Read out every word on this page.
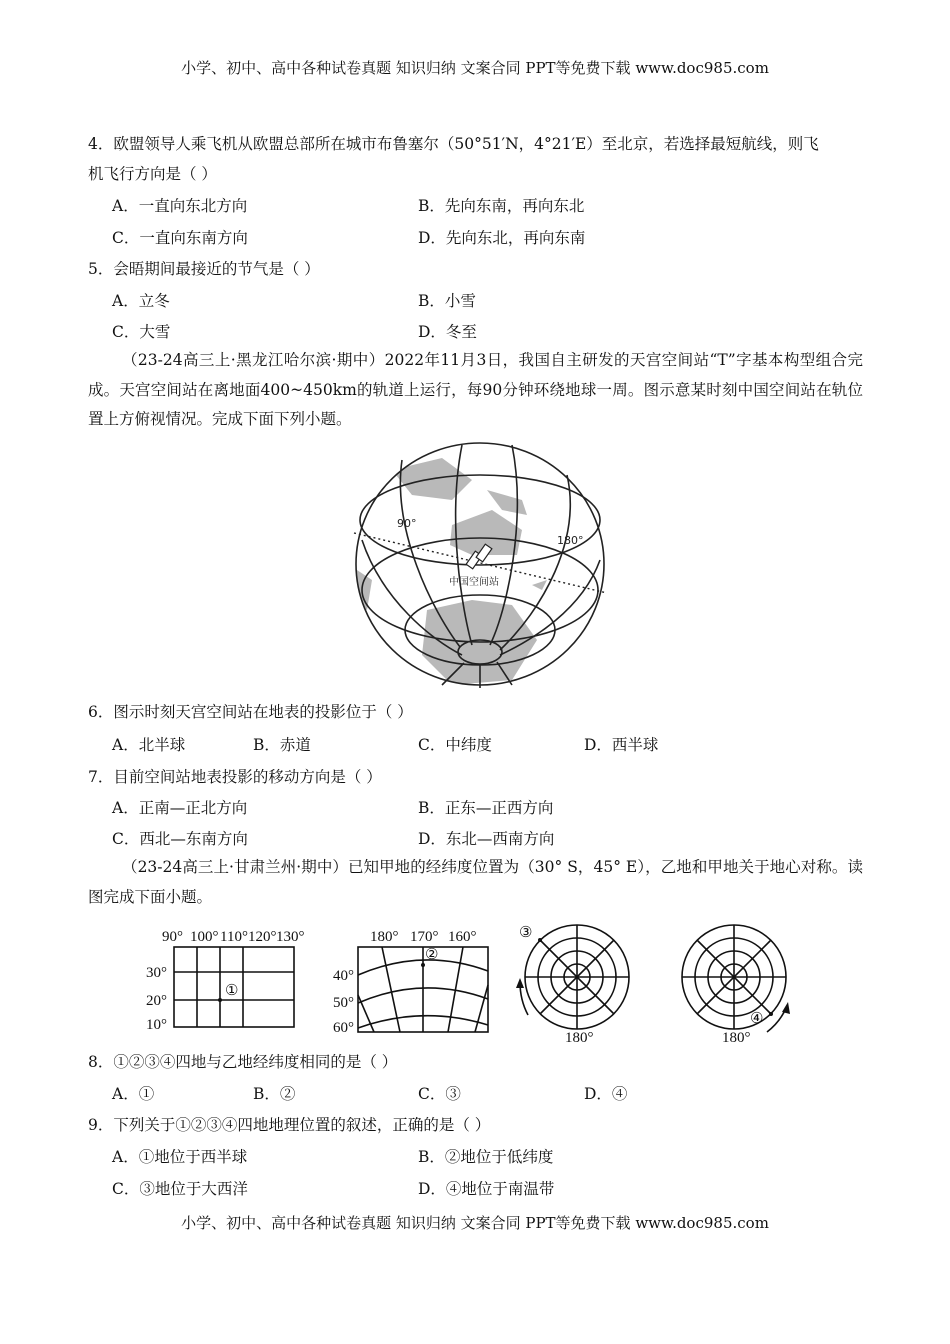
小学、初中、高中各种试卷真题 知识归纳 文案合同 PPT等免费下载 www.doc985.com
4．欧盟领导人乘飞机从欧盟总部所在城市布鲁塞尔（50°51′N，4°21′E）至北京，若选择最短航线，则飞
机飞行方向是（ ）
A．一直向东北方向	B．先向东南，再向东北
C．一直向东南方向	D．先向东北，再向东南
5．会晤期间最接近的节气是（ ）
A．立冬	B．小雪
C．大雪	D．冬至
（23-24高三上·黑龙江哈尔滨·期中）2022年11月3日，我国自主研发的天宫空间站“T”字基本构型组合完成。天宫空间站在离地面400~450km的轨道上运行，每90分钟环绕地球一周。图示意某时刻中国空间站在轨位置上方俯视情况。完成下面下列小题。
90°
180°
中国空间站
6．图示时刻天宫空间站在地表的投影位于（ ）
A．北半球	B．赤道	C．中纬度	D．西半球
7．目前空间站地表投影的移动方向是（ ）
A．正南—正北方向	B．正东—正西方向
C．西北—东南方向	D．东北—西南方向
（23-24高三上·甘肃兰州·期中）已知甲地的经纬度位置为（30° S，45° E），乙地和甲地关于地心对称。读图完成下面小题。
90° 100° 110° 120° 130°
30°
20°
10°
①
180° 170° 160°
40°
50°
60°
②
③
180°
④
180°
8．①②③④四地与乙地经纬度相同的是（ ）
A．①	B．②	C．③	D．④
9．下列关于①②③④四地地理位置的叙述，正确的是（ ）
A．①地位于西半球	B．②地位于低纬度
C．③地位于大西洋	D．④地位于南温带
小学、初中、高中各种试卷真题 知识归纳 文案合同 PPT等免费下载 www.doc985.com
